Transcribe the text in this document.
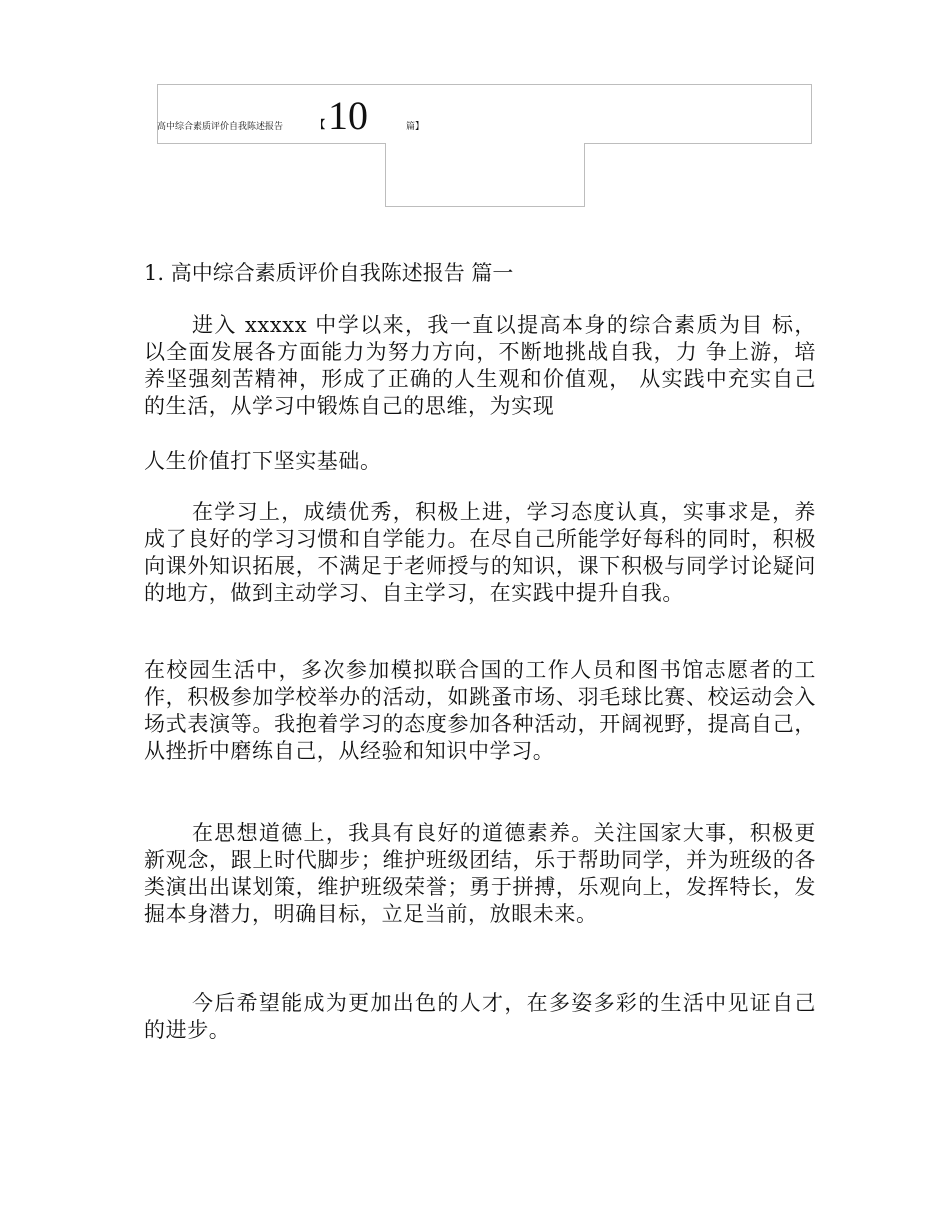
高中综合素质评价自我陈述报告	【 10	篇】
1. 高中综合素质评价自我陈述报告 篇一

进入 xxxxx 中学以来，我一直以提高本身的综合素质为目 标，以全面发展各方面能力为努力方向，不断地挑战自我，力 争上游，培养坚强刻苦精神，形成了正确的人生观和价值观， 从实践中充实自己的生活，从学习中锻炼自己的思维，为实现

人生价值打下坚实基础。

在学习上，成绩优秀，积极上进，学习态度认真，实事求是，养成了良好的学习习惯和自学能力。在尽自己所能学好每科的同时，积极向课外知识拓展，不满足于老师授与的知识，课下积极与同学讨论疑问的地方，做到主动学习、自主学习，在实践中提升自我。

在校园生活中，多次参加模拟联合国的工作人员和图书馆志愿者的工作，积极参加学校举办的活动，如跳蚤市场、羽毛球比赛、校运动会入场式表演等。我抱着学习的态度参加各种活动，开阔视野，提高自己，从挫折中磨练自己，从经验和知识中学习。

在思想道德上，我具有良好的道德素养。关注国家大事，积极更新观念，跟上时代脚步；维护班级团结，乐于帮助同学，并为班级的各类演出出谋划策，维护班级荣誉；勇于拼搏，乐观向上，发挥特长，发掘本身潜力，明确目标，立足当前，放眼未来。

今后希望能成为更加出色的人才，在多姿多彩的生活中见证自己的进步。
